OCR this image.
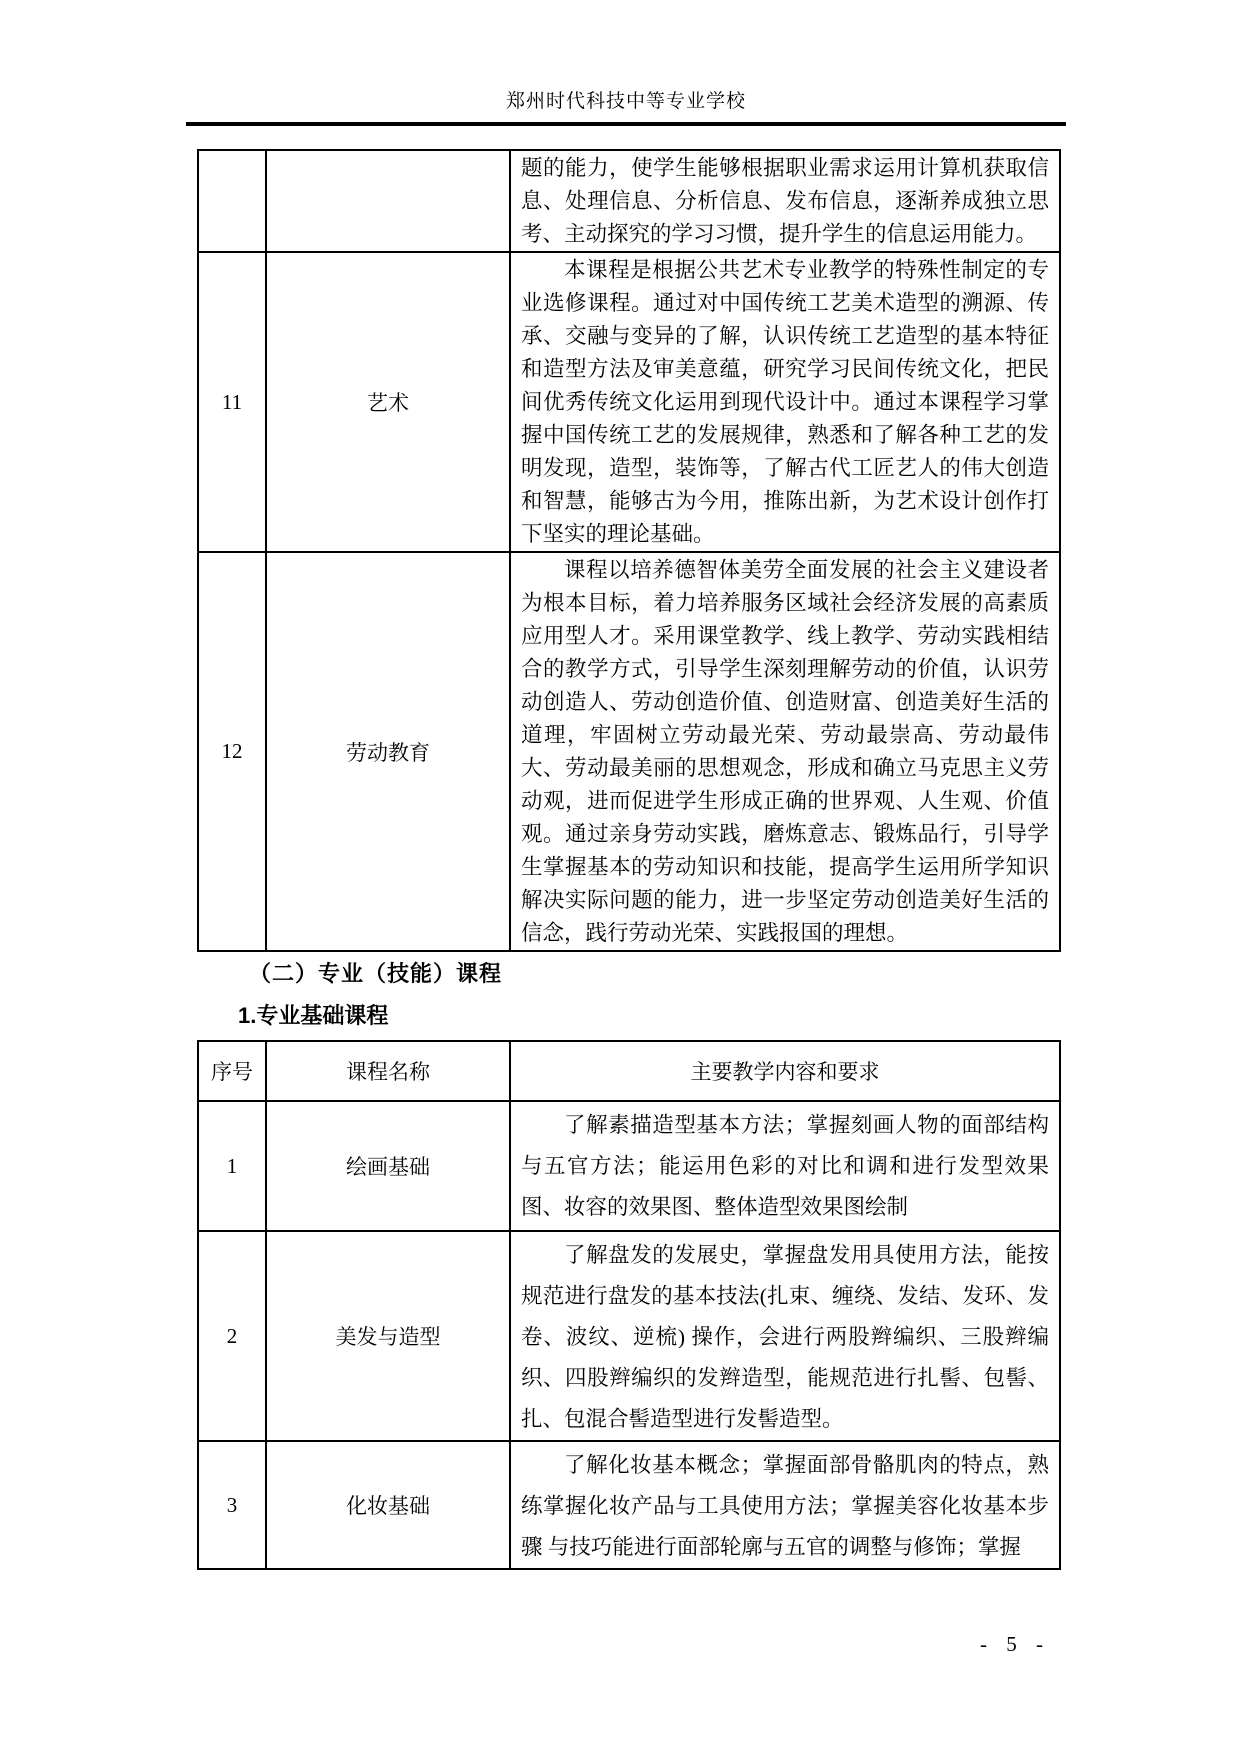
郑州时代科技中等专业学校

		题的能力，使学生能够根据职业需求运用计算机获取信息、处理信息、分析信息、发布信息，逐渐养成独立思考、主动探究的学习习惯，提升学生的信息运用能力。

11	艺术	本课程是根据公共艺术专业教学的特殊性制定的专业选修课程。通过对中国传统工艺美术造型的溯源、传承、交融与变异的了解，认识传统工艺造型的基本特征和造型方法及审美意蕴，研究学习民间传统文化，把民间优秀传统文化运用到现代设计中。通过本课程学习掌握中国传统工艺的发展规律，熟悉和了解各种工艺的发明发现，造型，装饰等，了解古代工匠艺人的伟大创造和智慧，能够古为今用，推陈出新，为艺术设计创作打下坚实的理论基础。

12	劳动教育	课程以培养德智体美劳全面发展的社会主义建设者为根本目标，着力培养服务区域社会经济发展的高素质应用型人才。采用课堂教学、线上教学、劳动实践相结合的教学方式，引导学生深刻理解劳动的价值，认识劳动创造人、劳动创造价值、创造财富、创造美好生活的道理，牢固树立劳动最光荣、劳动最崇高、劳动最伟大、劳动最美丽的思想观念，形成和确立马克思主义劳动观，进而促进学生形成正确的世界观、人生观、价值观。通过亲身劳动实践，磨炼意志、锻炼品行，引导学生掌握基本的劳动知识和技能，提高学生运用所学知识解决实际问题的能力，进一步坚定劳动创造美好生活的信念，践行劳动光荣、实践报国的理想。

（二）专业（技能）课程
1.专业基础课程
序号	课程名称	主要教学内容和要求
1	绘画基础	了解素描造型基本方法；掌握刻画人物的面部结构与五官方法；能运用色彩的对比和调和进行发型效果图、妆容的效果图、整体造型效果图绘制

2	美发与造型	了解盘发的发展史，掌握盘发用具使用方法，能按规范进行盘发的基本技法(扎束、缠绕、发结、发环、发卷、波纹、逆梳) 操作，会进行两股辫编织、三股辫编织、四股辫编织的发辫造型，能规范进行扎髻、包髻、扎、包混合髻造型进行发髻造型。

3	化妆基础	了解化妆基本概念；掌握面部骨骼肌肉的特点，熟练掌握化妆产品与工具使用方法；掌握美容化妆基本步骤 与技巧能进行面部轮廓与五官的调整与修饰；掌握

- 5 -
